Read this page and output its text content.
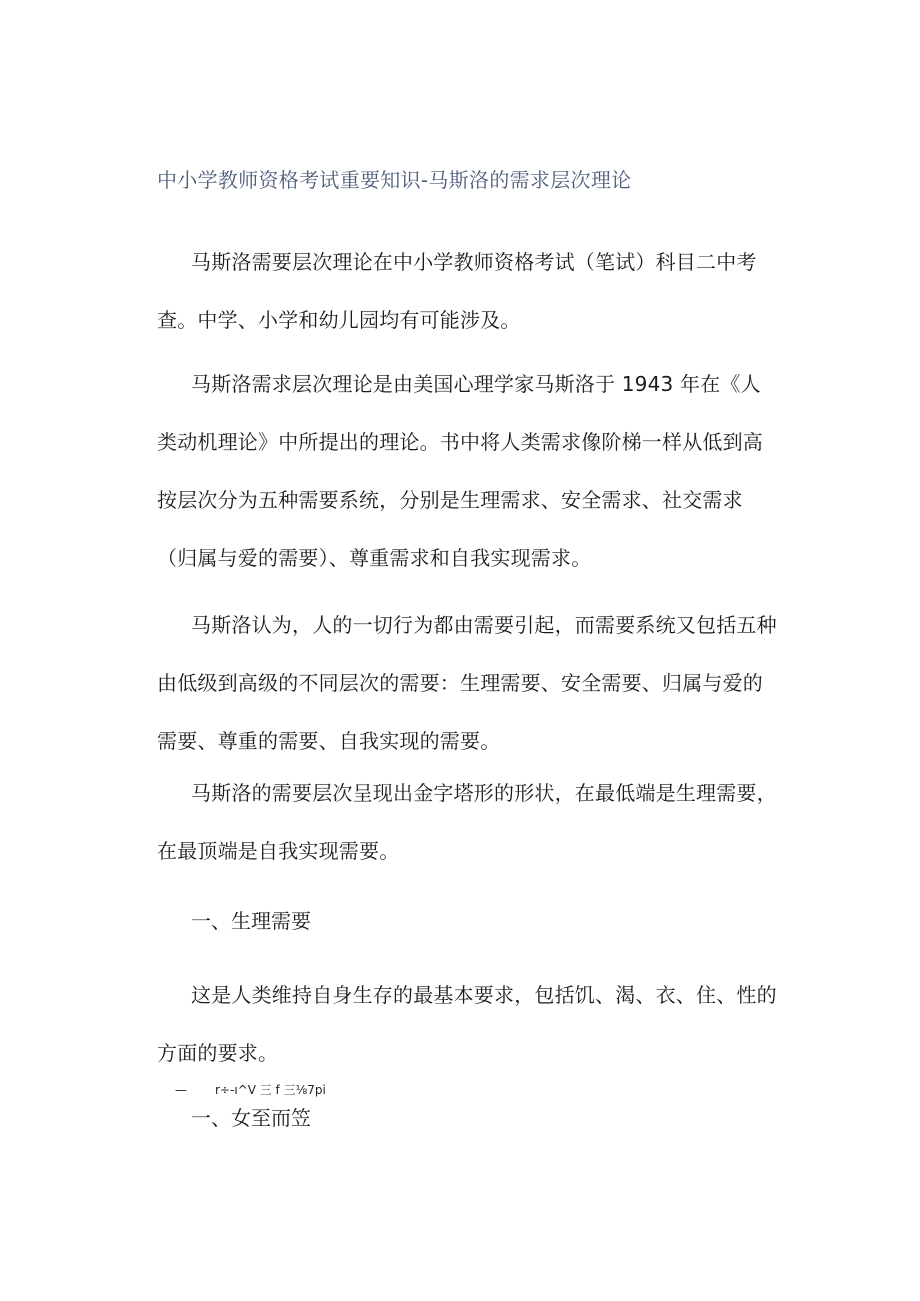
中小学教师资格考试重要知识-马斯洛的需求层次理论

马斯洛需要层次理论在中小学教师资格考试（笔试）科目二中考查。中学、小学和幼儿园均有可能涉及。

马斯洛需求层次理论是由美国心理学家马斯洛于 1943 年在《人类动机理论》中所提出的理论。书中将人类需求像阶梯一样从低到高按层次分为五种需要系统，分别是生理需求、安全需求、社交需求（归属与爱的需要）、尊重需求和自我实现需求。

马斯洛认为，人的一切行为都由需要引起，而需要系统又包括五种由低级到高级的不同层次的需要：生理需要、安全需要、归属与爱的需要、尊重的需要、自我实现的需要。

马斯洛的需要层次呈现出金字塔形的形状，在最低端是生理需要，在最顶端是自我实现需要。

一、生理需要

这是人类维持自身生存的最基本要求，包括饥、渴、衣、住、性的方面的要求。

— r÷-ı^V 三 f 三⅛7pi
一、女至而笠
